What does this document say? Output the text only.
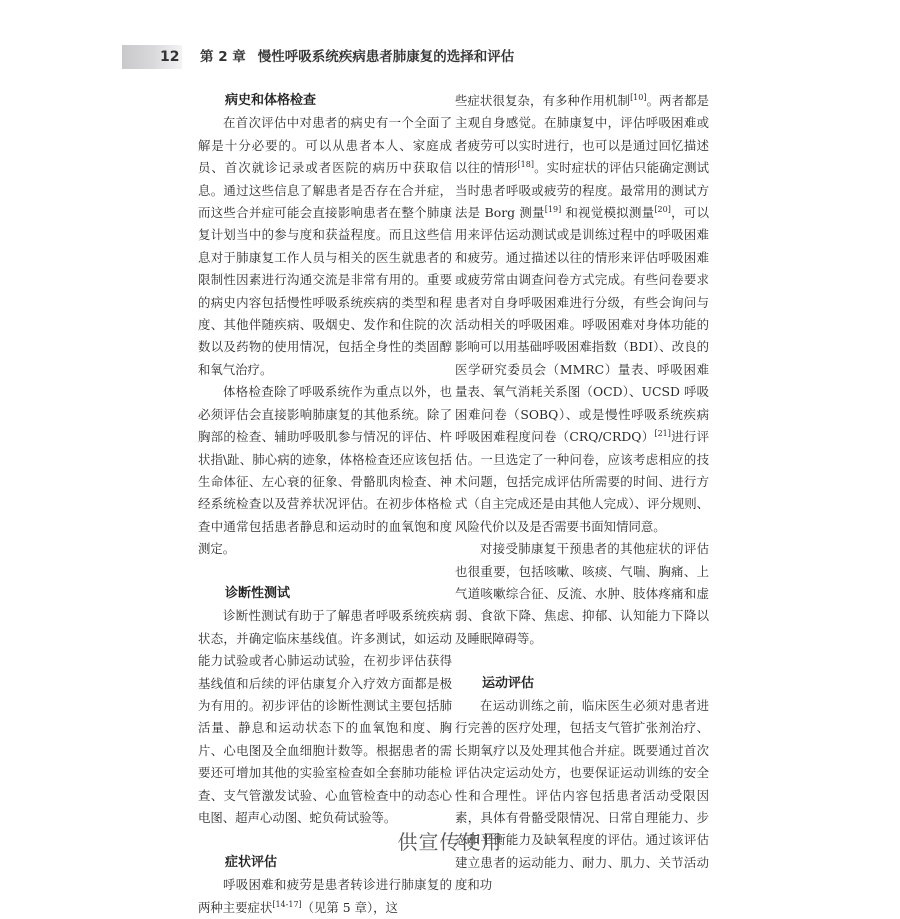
12 第 2 章 慢性呼吸系统疾病患者肺康复的选择和评估
病史和体格检查

在首次评估中对患者的病史有一个全面了解是十分必要的。可以从患者本人、家庭成员、首次就诊记录或者医院的病历中获取信息。通过这些信息了解患者是否存在合并症，而这些合并症可能会直接影响患者在整个肺康复计划当中的参与度和获益程度。而且这些信息对于肺康复工作人员与相关的医生就患者的限制性因素进行沟通交流是非常有用的。重要的病史内容包括慢性呼吸系统疾病的类型和程度、其他伴随疾病、吸烟史、发作和住院的次数以及药物的使用情况，包括全身性的类固醇和氧气治疗。

体格检查除了呼吸系统作为重点以外，也必须评估会直接影响肺康复的其他系统。除了胸部的检查、辅助呼吸肌参与情况的评估、杵状指\趾、肺心病的迹象，体格检查还应该包括生命体征、左心衰的征象、骨骼肌肉检查、神经系统检查以及营养状况评估。在初步体格检查中通常包括患者静息和运动时的血氧饱和度测定。

诊断性测试

诊断性测试有助于了解患者呼吸系统疾病状态，并确定临床基线值。许多测试，如运动能力试验或者心肺运动试验，在初步评估获得基线值和后续的评估康复介入疗效方面都是极为有用的。初步评估的诊断性测试主要包括肺活量、静息和运动状态下的血氧饱和度、胸片、心电图及全血细胞计数等。根据患者的需要还可增加其他的实验室检查如全套肺功能检查、支气管激发试验、心血管检查中的动态心电图、超声心动图、蛇负荷试验等。

症状评估

呼吸困难和疲劳是患者转诊进行肺康复的两种主要症状[14-17]（见第 5 章），这

些症状很复杂，有多种作用机制[10]。两者都是主观自身感觉。在肺康复中，评估呼吸困难或者疲劳可以实时进行，也可以是通过回忆描述以往的情形[18]。实时症状的评估只能确定测试当时患者呼吸或疲劳的程度。最常用的测试方法是 Borg 测量[19] 和视觉模拟测量[20]，可以用来评估运动测试或是训练过程中的呼吸困难和疲劳。通过描述以往的情形来评估呼吸困难或疲劳常由调查问卷方式完成。有些问卷要求患者对自身呼吸困难进行分级，有些会询问与活动相关的呼吸困难。呼吸困难对身体功能的影响可以用基础呼吸困难指数（BDI）、改良的医学研究委员会（MMRC）量表、呼吸困难量表、氧气消耗关系图（OCD）、UCSD 呼吸困难问卷（SOBQ）、或是慢性呼吸系统疾病呼吸困难程度问卷（CRQ/CRDQ）[21]进行评估。一旦选定了一种问卷，应该考虑相应的技术问题，包括完成评估所需要的时间、进行方式（自主完成还是由其他人完成）、评分规则、风险代价以及是否需要书面知情同意。

对接受肺康复干预患者的其他症状的评估也很重要，包括咳嗽、咳痰、气喘、胸痛、上气道咳嗽综合征、反流、水肿、肢体疼痛和虚弱、食欲下降、焦虑、抑郁、认知能力下降以及睡眠障碍等。

运动评估

在运动训练之前，临床医生必须对患者进行完善的医疗处理，包括支气管扩张剂治疗、长期氧疗以及处理其他合并症。既要通过首次评估决定运动处方，也要保证运动训练的安全性和合理性。评估内容包括患者活动受限因素，具体有骨骼受限情况、日常自理能力、步态和平衡能力及缺氧程度的评估。通过该评估建立患者的运动能力、耐力、肌力、关节活动度和功

供宣传使用
